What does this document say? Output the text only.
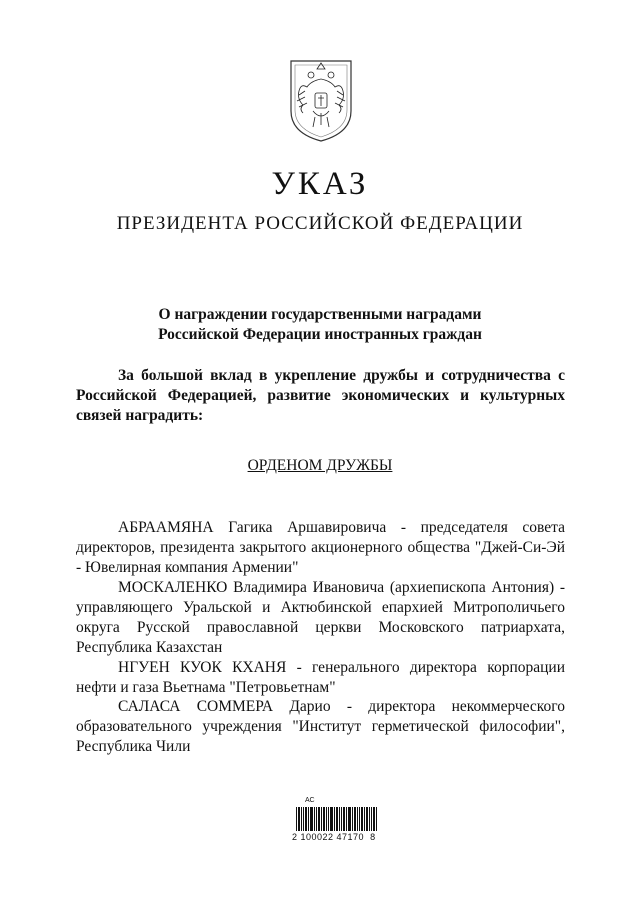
УКАЗ
ПРЕЗИДЕНТА РОССИЙСКОЙ ФЕДЕРАЦИИ
О награждении государственными наградами
Российской Федерации иностранных граждан

За большой вклад в укрепление дружбы и сотрудничества с Российской Федерацией, развитие экономических и культурных связей наградить:

ОРДЕНОМ ДРУЖБЫ

АБРААМЯНА Гагика Аршавировича - председателя совета директоров, президента закрытого акционерного общества "Джей-Си-Эй - Ювелирная компания Армении"

МОСКАЛЕНКО Владимира Ивановича (архиепископа Антония) - управляющего Уральской и Актюбинской епархией Митрополичьего округа Русской православной церкви Московского патриархата, Республика Казахстан

НГУЕН КУОК КХАНЯ - генерального директора корпорации нефти и газа Вьетнама "Петровьетнам"

САЛАСА СОММЕРА Дарио - директора некоммерческого образовательного учреждения "Институт герметической философии", Республика Чили

АС
2 100022 47170  8
